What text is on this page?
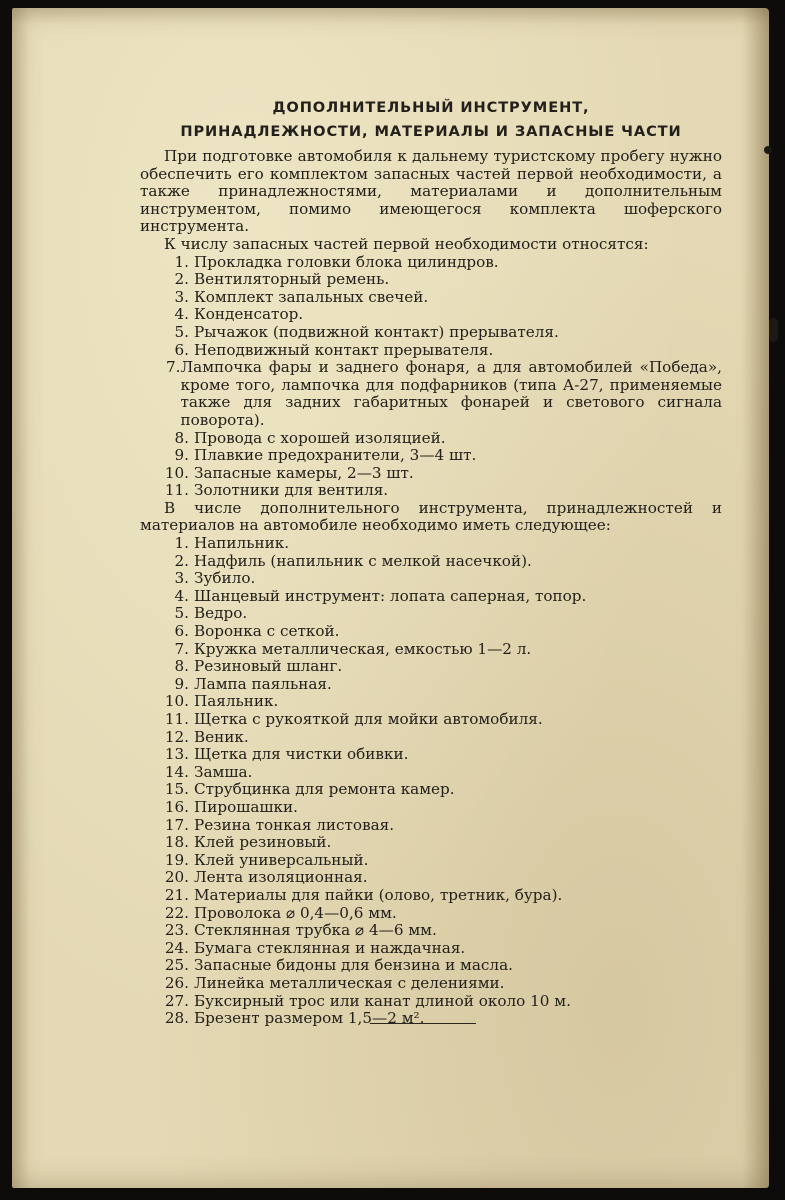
ДОПОЛНИТЕЛЬНЫЙ ИНСТРУМЕНТ,
ПРИНАДЛЕЖНОСТИ, МАТЕРИАЛЫ И ЗАПАСНЫЕ ЧАСТИ
При подготовке автомобиля к дальнему туристскому пробегу нужно обеспечить его комплектом запасных частей первой необходимости, а также принадлежностями, материалами и дополнительным инструментом, помимо имеющегося комплекта шоферского инструмента.
К числу запасных частей первой необходимости относятся:
1. Прокладка головки блока цилиндров.
2. Вентиляторный ремень.
3. Комплект запальных свечей.
4. Конденсатор.
5. Рычажок (подвижной контакт) прерывателя.
6. Неподвижный контакт прерывателя.
7. Лампочка фары и заднего фонаря, а для автомобилей «Победа», кроме того, лампочка для подфарников (типа А-27, применяемые также для задних габаритных фонарей и светового сигнала поворота).
8. Провода с хорошей изоляцией.
9. Плавкие предохранители, 3—4 шт.
10. Запасные камеры, 2—3 шт.
11. Золотники для вентиля.
В числе дополнительного инструмента, принадлежностей и материалов на автомобиле необходимо иметь следующее:
1. Напильник.
2. Надфиль (напильник с мелкой насечкой).
3. Зубило.
4. Шанцевый инструмент: лопата саперная, топор.
5. Ведро.
6. Воронка с сеткой.
7. Кружка металлическая, емкостью 1—2 л.
8. Резиновый шланг.
9. Лампа паяльная.
10. Паяльник.
11. Щетка с рукояткой для мойки автомобиля.
12. Веник.
13. Щетка для чистки обивки.
14. Замша.
15. Струбцинка для ремонта камер.
16. Пирошашки.
17. Резина тонкая листовая.
18. Клей резиновый.
19. Клей универсальный.
20. Лента изоляционная.
21. Материалы для пайки (олово, третник, бура).
22. Проволока ⌀ 0,4—0,6 мм.
23. Стеклянная трубка ⌀ 4—6 мм.
24. Бумага стеклянная и наждачная.
25. Запасные бидоны для бензина и масла.
26. Линейка металлическая с делениями.
27. Буксирный трос или канат длиной около 10 м.
28. Брезент размером 1,5—2 м².
